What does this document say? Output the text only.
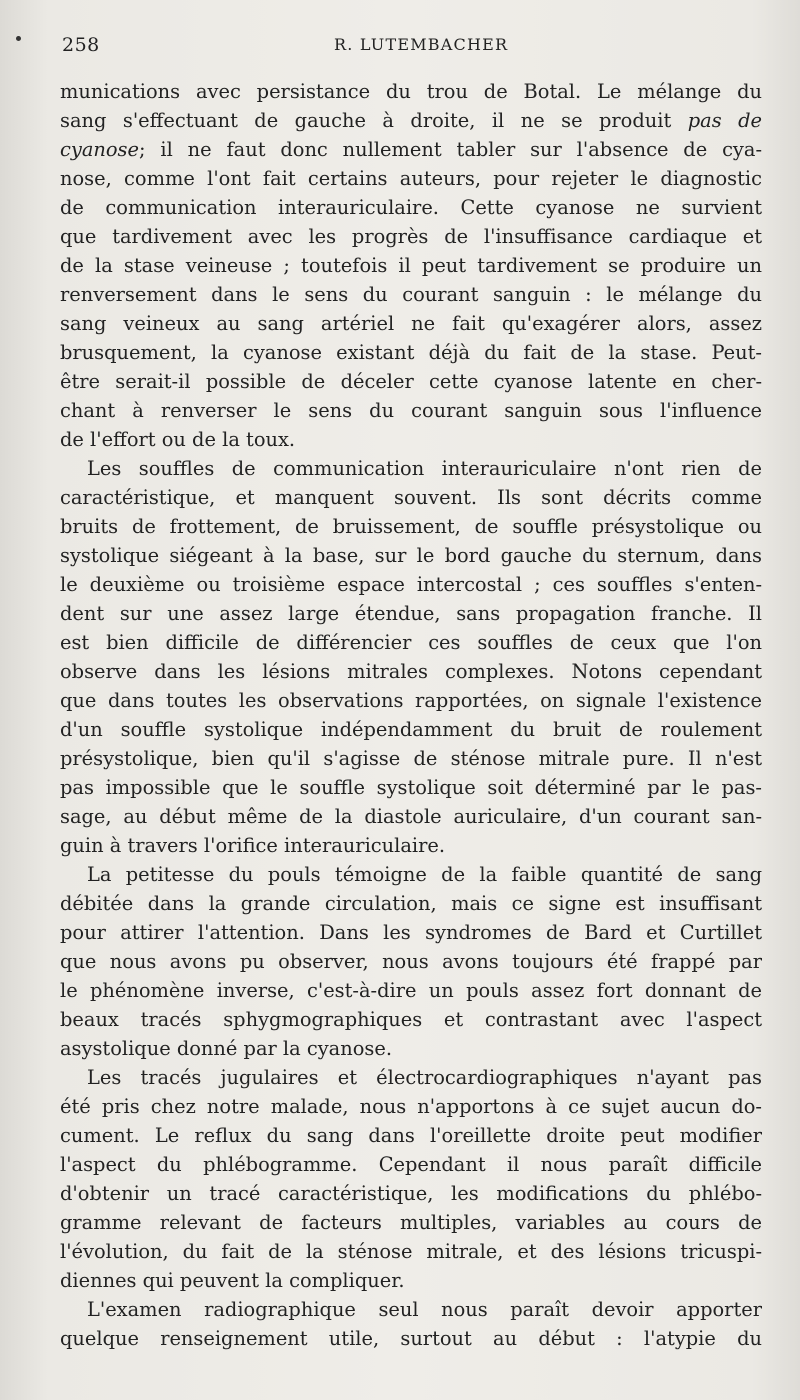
258	R. LUTEMBACHER
munications avec persistance du trou de Botal. Le mélange du
sang s'effectuant de gauche à droite, il ne se produit pas de
cyanose; il ne faut donc nullement tabler sur l'absence de cya-
nose, comme l'ont fait certains auteurs, pour rejeter le diagnostic
de communication interauriculaire. Cette cyanose ne survient
que tardivement avec les progrès de l'insuffisance cardiaque et
de la stase veineuse ; toutefois il peut tardivement se produire un
renversement dans le sens du courant sanguin : le mélange du
sang veineux au sang artériel ne fait qu'exagérer alors, assez
brusquement, la cyanose existant déjà du fait de la stase. Peut-
être serait-il possible de déceler cette cyanose latente en cher-
chant à renverser le sens du courant sanguin sous l'influence
de l'effort ou de la toux.
Les souffles de communication interauriculaire n'ont rien de
caractéristique, et manquent souvent. Ils sont décrits comme
bruits de frottement, de bruissement, de souffle présystolique ou
systolique siégeant à la base, sur le bord gauche du sternum, dans
le deuxième ou troisième espace intercostal ; ces souffles s'enten-
dent sur une assez large étendue, sans propagation franche. Il
est bien difficile de différencier ces souffles de ceux que l'on
observe dans les lésions mitrales complexes. Notons cependant
que dans toutes les observations rapportées, on signale l'existence
d'un souffle systolique indépendamment du bruit de roulement
présystolique, bien qu'il s'agisse de sténose mitrale pure. Il n'est
pas impossible que le souffle systolique soit déterminé par le pas-
sage, au début même de la diastole auriculaire, d'un courant san-
guin à travers l'orifice interauriculaire.
La petitesse du pouls témoigne de la faible quantité de sang
débitée dans la grande circulation, mais ce signe est insuffisant
pour attirer l'attention. Dans les syndromes de Bard et Curtillet
que nous avons pu observer, nous avons toujours été frappé par
le phénomène inverse, c'est-à-dire un pouls assez fort donnant de
beaux tracés sphygmographiques et contrastant avec l'aspect
asystolique donné par la cyanose.
Les tracés jugulaires et électrocardiographiques n'ayant pas
été pris chez notre malade, nous n'apportons à ce sujet aucun do-
cument. Le reflux du sang dans l'oreillette droite peut modifier
l'aspect du phlébogramme. Cependant il nous paraît difficile
d'obtenir un tracé caractéristique, les modifications du phlébo-
gramme relevant de facteurs multiples, variables au cours de
l'évolution, du fait de la sténose mitrale, et des lésions tricuspi-
diennes qui peuvent la compliquer.
L'examen radiographique seul nous paraît devoir apporter
quelque renseignement utile, surtout au début : l'atypie du
